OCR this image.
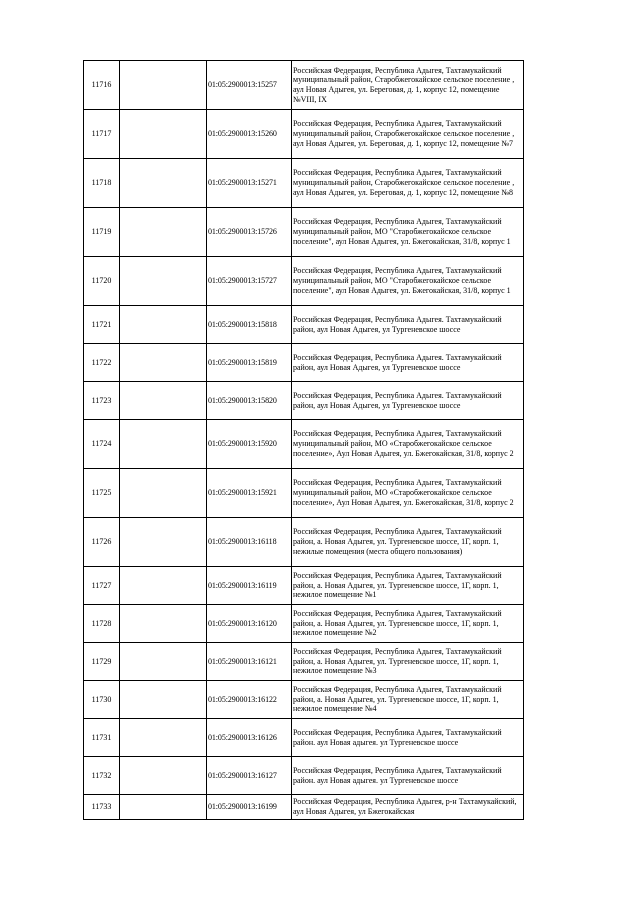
11716		01:05:2900013:15257	Российская Федерация, Республика Адыгея, Тахтамукайский муниципальный район, Старобжегокайское сельское поселение , аул Новая Адыгея, ул. Береговая, д. 1, корпус 12, помещение №VIII, IX
11717		01:05:2900013:15260	Российская Федерация, Республика Адыгея, Тахтамукайский муниципальный район, Старобжегокайское сельское поселение , аул Новая Адыгея, ул. Береговая, д. 1, корпус 12, помещение №7
11718		01:05:2900013:15271	Российская Федерация, Республика Адыгея, Тахтамукайский муниципальный район, Старобжегокайское сельское поселение , аул Новая Адыгея, ул. Береговая, д. 1, корпус 12, помещение №8
11719		01:05:2900013:15726	Российская Федерация, Республика Адыгея, Тахтамукайский муниципальный район, МО "Старобжегокайское сельское поселение", аул Новая Адыгея, ул. Бжегокайская, 31/8, корпус 1
11720		01:05:2900013:15727	Российская Федерация, Республика Адыгея, Тахтамукайский муниципальный район, МО "Старобжегокайское сельское поселение", аул Новая Адыгея, ул. Бжегокайская, 31/8, корпус 1
11721		01:05:2900013:15818	Российская Федерация, Республика Адыгея. Тахтамукайский район, аул Новая Адыгея, ул Тургеневское шоссе
11722		01:05:2900013:15819	Российская Федерация, Республика Адыгея. Тахтамукайский район, аул Новая Адыгея, ул Тургеневское шоссе
11723		01:05:2900013:15820	Российская Федерация, Республика Адыгея. Тахтамукайский район, аул Новая Адыгея, ул Тургеневское шоссе
11724		01:05:2900013:15920	Российская Федерация, Республика Адыгея, Тахтамукайский муниципальный район, МО «Старобжегокайское сельское поселение», Аул Новая Адыгея, ул. Бжегокайская, 31/8, корпус 2
11725		01:05:2900013:15921	Российская Федерация, Республика Адыгея, Тахтамукайский муниципальный район, МО «Старобжегокайское сельское поселение», Аул Новая Адыгея, ул. Бжегокайская, 31/8, корпус 2
11726		01:05:2900013:16118	Российская Федерация, Республика Адыгея, Тахтамукайский район, а. Новая Адыгея, ул. Тургеневское шоссе, 1Г, корп. 1, нежилые помещения (места общего пользования)
11727		01:05:2900013:16119	Российская Федерация, Республика Адыгея, Тахтамукайский район, а. Новая Адыгея, ул. Тургеневское шоссе, 1Г, корп. 1, нежилое помещение №1
11728		01:05:2900013:16120	Российская Федерация, Республика Адыгея, Тахтамукайский район, а. Новая Адыгея, ул. Тургеневское шоссе, 1Г, корп. 1, нежилое помещение №2
11729		01:05:2900013:16121	Российская Федерация, Республика Адыгея, Тахтамукайский район, а. Новая Адыгея, ул. Тургеневское шоссе, 1Г, корп. 1, нежилое помещение №3
11730		01:05:2900013:16122	Российская Федерация, Республика Адыгея, Тахтамукайский район, а. Новая Адыгея, ул. Тургеневское шоссе, 1Г, корп. 1, нежилое помещение №4
11731		01:05:2900013:16126	Российская Федерация, Республика Адыгея, Тахтамукайский район. аул Новая адыгея. ул Тургеневское шоссе
11732		01:05:2900013:16127	Российская Федерация, Республика Адыгея, Тахтамукайский район. аул Новая адыгея. ул Тургеневское шоссе
11733		01:05:2900013:16199	Российская Федерация, Республика Адыгея, р-н Тахтамукайский, аул Новая Адыгея, ул Бжегокайская
